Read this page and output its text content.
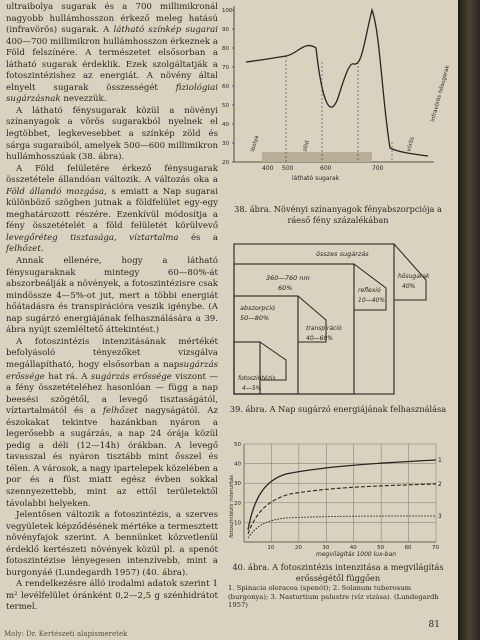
ultraibolya sugarak és a 700 millimikronál nagyobb hullámhosszon érkező meleg hatású (infravörös) sugarak. A látható színkép sugarai 400—700 millimikron hullámhosszon érkeznek a Föld felszínére. A természetet elsősorban a látható sugarak érdeklik. Ezek szolgáltatják a fotoszintézishez az energiát. A növény által elnyelt sugarak összességét fiziológiai sugárzásnak nevezzük.

A látható fénysugarak közül a növényi színanyagok a vörös sugarakból nyelnek el legtöbbet, legkevesebbet a színkép zöld és sárga sugaraiból, amelyek 500—600 millimikron hullámhosszúak (38. ábra).

A Föld felületére érkező fénysugarak összetétele állandóan változik. A változás oka a Föld állandó mozgása, s emiatt a Nap sugarai különböző szögben jutnak a földfelület egy-egy meghatározott részére. Ezenkívül módosítja a fény összetételét a föld felületét körülvevő levegőréteg tisztasága, víztartalma és a felhőzet.

Annak ellenére, hogy a látható fénysugaraknak mintegy 60—80%-át abszorbeálják a növények, a fotoszintézisre csak mindössze 4—5%-ot jut, mert a többi energiát hőátadásra és transpirációra veszik igénybe. (A nap sugárzó energiájának felhasználására a 39. ábra nyújt szemléltető áttekintést.)

A fotoszintézis intenzitásának mértékét befolyásoló tényezőket vizsgálva megállapítható, hogy elsősorban a napsugárzás erőssége hat rá. A sugárzás erőssége viszont — a fény összetételéhez hasonlóan — függ a nap beesési szögétől, a levegő tisztaságától, víztartalmától és a felhőzet nagyságától. Az észokakat tekintve hazánkban nyáron a legerősebb a sugárzás, a nap 24 órája közül pedig a déli (12—14h) órákban. A levegő tavasszal és nyáron tisztább mint ősszel és télen. A városok, a nagy ipartelepek közelében a por és a füst miatt egész évben sokkal szennyezettebb, mint az ettől területektől távolabbi helyeken.

Jelentősen változik a fotoszintézis, a szerves vegyületek képződésének mértéke a termesztett növényfajok szerint. A bennünket közvetlenül érdeklő kertészeti növények közül pl. a spenót fotoszintézise lényegesen intenzívebb, mint a burgonyáé (Lundegardh 1957) (40. ábra).

A rendelkezésre álló irodalmi adatok szerint 1 m² levélfelület óránként 0,2—2,5 g szénhidrátot termel.

100
90
80
70
60
50
40
30
20
400 500	600	700
látható sugarak
infravörös hősugarak
vörös
ibolya	zöld
38. ábra. Növényi színanyagok fényabszorpciója a ráeső fény százalékában
összes sugárzás
360—760 nm
60%
abszorpció
50—80%
fotoszintézis
4—5%
hősugarak
40%
reflexió
10—40%
transpiráció
40—60%
39. ábra. A Nap sugárzó energiájának felhasználása
10	20	30	40	50	60	70
10
20
30
40
50
1
2
3
megvilágítás 1000 lux-ban
fotoszintézis intenzitás
40. ábra. A fotoszintézis intenzitása a megvilágítás erősségétől függően
1. Spinacia oleracea (spenót); 2. Solanum tuberosum (burgonya); 3. Nasturtium palustre (víz vizása). (Lundegardh 1957)
81
Moly: Dr. Kertészeti alapismeretek
